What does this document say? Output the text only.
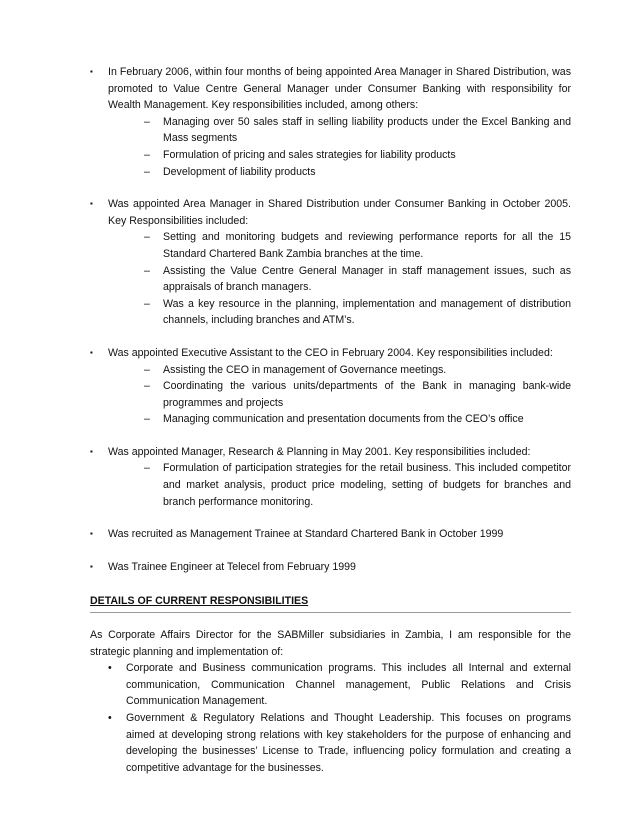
▪ In February 2006, within four months of being appointed Area Manager in Shared Distribution, was promoted to Value Centre General Manager under Consumer Banking with responsibility for Wealth Management. Key responsibilities included, among others:

– Managing over 50 sales staff in selling liability products under the Excel Banking and Mass segments

– Formulation of pricing and sales strategies for liability products

– Development of liability products

▪ Was appointed Area Manager in Shared Distribution under Consumer Banking in October 2005. Key Responsibilities included:

– Setting and monitoring budgets and reviewing performance reports for all the 15 Standard Chartered Bank Zambia branches at the time.

– Assisting the Value Centre General Manager in staff management issues, such as appraisals of branch managers.

– Was a key resource in the planning, implementation and management of distribution channels, including branches and ATM’s.

▪ Was appointed Executive Assistant to the CEO in February 2004. Key responsibilities included:

– Assisting the CEO in management of Governance meetings.

– Coordinating the various units/departments of the Bank in managing bank-wide programmes and projects

– Managing communication and presentation documents from the CEO’s office

▪ Was appointed Manager, Research & Planning in May 2001. Key responsibilities included:

– Formulation of participation strategies for the retail business. This included competitor and market analysis, product price modeling, setting of budgets for branches and branch performance monitoring.

▪ Was recruited as Management Trainee at Standard Chartered Bank in October 1999

▪ Was Trainee Engineer at Telecel from February 1999

DETAILS OF CURRENT RESPONSIBILITIES

As Corporate Affairs Director for the SABMiller subsidiaries in Zambia, I am responsible for the strategic planning and implementation of:

• Corporate and Business communication programs. This includes all Internal and external communication, Communication Channel management, Public Relations and Crisis Communication Management.

• Government & Regulatory Relations and Thought Leadership. This focuses on programs aimed at developing strong relations with key stakeholders for the purpose of enhancing and developing the businesses’ License to Trade, influencing policy formulation and creating a competitive advantage for the businesses.
